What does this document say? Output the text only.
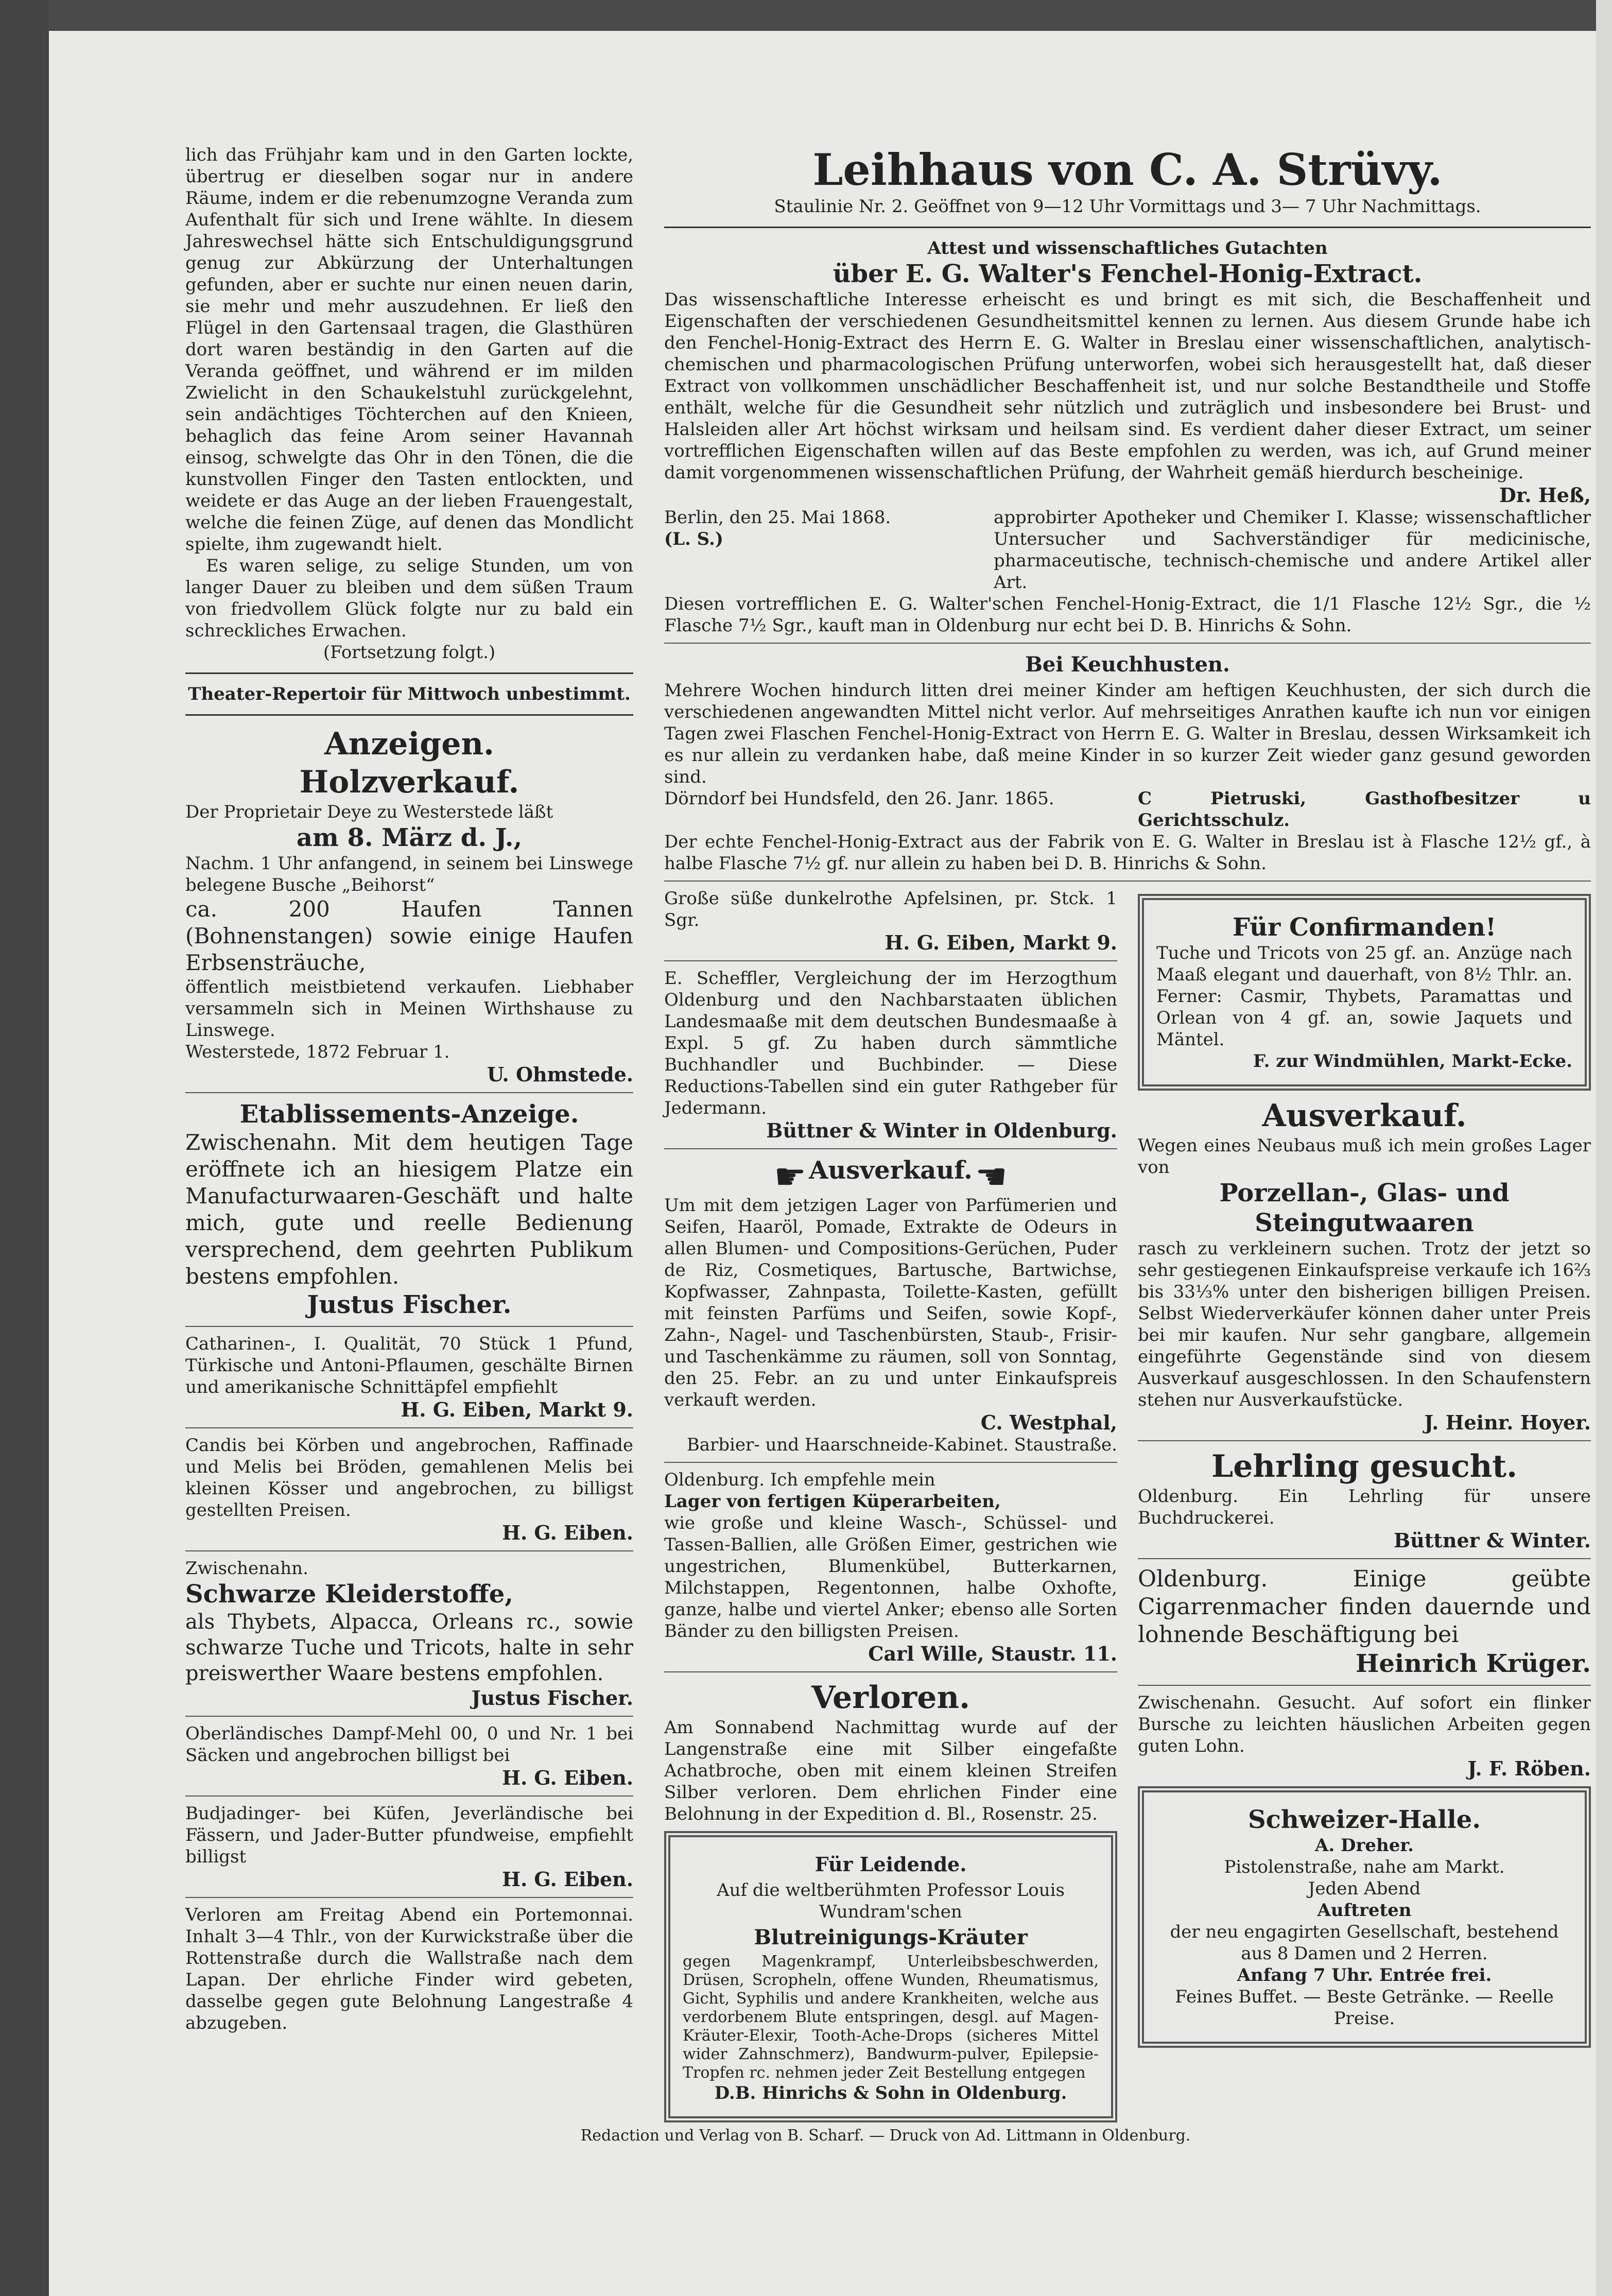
lich das Frühjahr kam und in den Garten lockte, übertrug er dieselben sogar nur in andere Räume, indem er die rebenumzogne Veranda zum Aufenthalt für sich und Irene wählte. In diesem Jahreswechsel hätte sich Entschuldigungsgrund genug zur Abkürzung der Unterhaltungen gefunden, aber er suchte nur einen neuen darin, sie mehr und mehr auszudehnen. Er ließ den Flügel in den Gartensaal tragen, die Glasthüren dort waren beständig in den Garten auf die Veranda geöffnet, und während er im milden Zwielicht in den Schaukelstuhl zurückgelehnt, sein andächtiges Töchterchen auf den Knieen, behaglich das feine Arom seiner Havannah einsog, schwelgte das Ohr in den Tönen, die die kunstvollen Finger den Tasten entlockten, und weidete er das Auge an der lieben Frauengestalt, welche die feinen Züge, auf denen das Mondlicht spielte, ihm zugewandt hielt.

Es waren selige, zu selige Stunden, um von langer Dauer zu bleiben und dem süßen Traum von friedvollem Glück folgte nur zu bald ein schreckliches Erwachen.

(Fortsetzung folgt.)

Theater-Repertoir für Mittwoch unbestimmt.

Anzeigen.

Holzverkauf.

Der Proprietair Deye zu Westerstede läßt

am 8. März d. J.,

Nachm. 1 Uhr anfangend, in seinem bei Linswege belegene Busche „Beihorst“

ca. 200 Haufen Tannen (Bohnenstangen) sowie einige Haufen Erbsensträuche,

öffentlich meistbietend verkaufen. Liebhaber versammeln sich in Meinen Wirthshause zu Linswege.

Westerstede, 1872 Februar 1.

U. Ohmstede.

Etablissements-Anzeige.

Zwischenahn. Mit dem heutigen Tage eröffnete ich an hiesigem Platze ein Manufacturwaaren-Geschäft und halte mich, gute und reelle Bedienung versprechend, dem geehrten Publikum bestens empfohlen.

Justus Fischer.

Catharinen-, I. Qualität, 70 Stück 1 Pfund, Türkische und Antoni-Pflaumen, geschälte Birnen und amerikanische Schnittäpfel empfiehlt

H. G. Eiben, Markt 9.

Candis bei Körben und angebrochen, Raffinade und Melis bei Bröden, gemahlenen Melis bei kleinen Kösser und angebrochen, zu billigst gestellten Preisen.

H. G. Eiben.

Zwischenahn.

Schwarze Kleiderstoffe,

als Thybets, Alpacca, Orleans rc., sowie schwarze Tuche und Tricots, halte in sehr preiswerther Waare bestens empfohlen.

Justus Fischer.

Oberländisches Dampf-Mehl 00, 0 und Nr. 1 bei Säcken und angebrochen billigst bei

H. G. Eiben.

Budjadinger- bei Küfen, Jeverländische bei Fässern, und Jader-Butter pfundweise, empfiehlt billigst

H. G. Eiben.

Verloren am Freitag Abend ein Portemonnai. Inhalt 3—4 Thlr., von der Kurwickstraße über die Rottenstraße durch die Wallstraße nach dem Lapan. Der ehrliche Finder wird gebeten, dasselbe gegen gute Belohnung Langestraße 4 abzugeben.

Leihhaus von C. A. Strüvy.

Staulinie Nr. 2. Geöffnet von 9—12 Uhr Vormittags und 3— 7 Uhr Nachmittags.

Attest und wissenschaftliches Gutachten

über E. G. Walter's Fenchel-Honig-Extract.

Das wissenschaftliche Interesse erheischt es und bringt es mit sich, die Beschaffenheit und Eigenschaften der verschiedenen Gesundheitsmittel kennen zu lernen. Aus diesem Grunde habe ich den Fenchel-Honig-Extract des Herrn E. G. Walter in Breslau einer wissenschaftlichen, analytisch-chemischen und pharmacologischen Prüfung unterworfen, wobei sich herausgestellt hat, daß dieser Extract von vollkommen unschädlicher Beschaffenheit ist, und nur solche Bestandtheile und Stoffe enthält, welche für die Gesundheit sehr nützlich und zuträglich und insbesondere bei Brust- und Halsleiden aller Art höchst wirksam und heilsam sind. Es verdient daher dieser Extract, um seiner vortrefflichen Eigenschaften willen auf das Beste empfohlen zu werden, was ich, auf Grund meiner damit vorgenommenen wissenschaftlichen Prüfung, der Wahrheit gemäß hierdurch bescheinige.

Dr. Heß,

Berlin, den 25. Mai 1868.

(L. S.)

approbirter Apotheker und Chemiker I. Klasse; wissenschaftlicher Untersucher und Sachverständiger für medicinische, pharmaceutische, technisch-chemische und andere Artikel aller Art.

Diesen vortrefflichen E. G. Walter'schen Fenchel-Honig-Extract, die 1/1 Flasche 12½ Sgr., die ½ Flasche 7½ Sgr., kauft man in Oldenburg nur echt bei D. B. Hinrichs & Sohn.

Bei Keuchhusten.

Mehrere Wochen hindurch litten drei meiner Kinder am heftigen Keuchhusten, der sich durch die verschiedenen angewandten Mittel nicht verlor. Auf mehrseitiges Anrathen kaufte ich nun vor einigen Tagen zwei Flaschen Fenchel-Honig-Extract von Herrn E. G. Walter in Breslau, dessen Wirksamkeit ich es nur allein zu verdanken habe, daß meine Kinder in so kurzer Zeit wieder ganz gesund geworden sind.

Dörndorf bei Hundsfeld, den 26. Janr. 1865.	C Pietruski, Gasthofbesitzer u Gerichtsschulz.

Der echte Fenchel-Honig-Extract aus der Fabrik von E. G. Walter in Breslau ist à Flasche 12½ gf., à halbe Flasche 7½ gf. nur allein zu haben bei D. B. Hinrichs & Sohn.

Große süße dunkelrothe Apfelsinen, pr. Stck. 1 Sgr.

H. G. Eiben, Markt 9.

E. Scheffler, Vergleichung der im Herzogthum Oldenburg und den Nachbarstaaten üblichen Landesmaaße mit dem deutschen Bundesmaaße à Expl. 5 gf. Zu haben durch sämmtliche Buchhandler und Buchbinder. — Diese Reductions-Tabellen sind ein guter Rathgeber für Jedermann.

Büttner & Winter in Oldenburg.

☛ Ausverkauf. ☚

Um mit dem jetzigen Lager von Parfümerien und Seifen, Haaröl, Pomade, Extrakte de Odeurs in allen Blumen- und Compositions-Gerüchen, Puder de Riz, Cosmetiques, Bartusche, Bartwichse, Kopfwasser, Zahnpasta, Toilette-Kasten, gefüllt mit feinsten Parfüms und Seifen, sowie Kopf-, Zahn-, Nagel- und Taschenbürsten, Staub-, Frisir- und Taschenkämme zu räumen, soll von Sonntag, den 25. Febr. an zu und unter Einkaufspreis verkauft werden.

C. Westphal,

Barbier- und Haarschneide-Kabinet. Staustraße.

Oldenburg. Ich empfehle mein

Lager von fertigen Küperarbeiten,

wie große und kleine Wasch-, Schüssel- und Tassen-Ballien, alle Größen Eimer, gestrichen wie ungestrichen, Blumenkübel, Butterkarnen, Milchstappen, Regentonnen, halbe Oxhofte, ganze, halbe und viertel Anker; ebenso alle Sorten Bänder zu den billigsten Preisen.

Carl Wille, Staustr. 11.

Verloren.

Am Sonnabend Nachmittag wurde auf der Langenstraße eine mit Silber eingefaßte Achatbroche, oben mit einem kleinen Streifen Silber verloren. Dem ehrlichen Finder eine Belohnung in der Expedition d. Bl., Rosenstr. 25.

Für Leidende.

Auf die weltberühmten Professor Louis Wundram'schen

Blutreinigungs-Kräuter

gegen Magenkrampf, Unterleibsbeschwerden, Drüsen, Scropheln, offene Wunden, Rheumatismus, Gicht, Syphilis und andere Krankheiten, welche aus verdorbenem Blute entspringen, desgl. auf Magen-Kräuter-Elexir, Tooth-Ache-Drops (sicheres Mittel wider Zahnschmerz), Bandwurm-pulver, Epilepsie-Tropfen rc. nehmen jeder Zeit Bestellung entgegen

D.B. Hinrichs & Sohn in Oldenburg.

Für Confirmanden!

Tuche und Tricots von 25 gf. an. Anzüge nach Maaß elegant und dauerhaft, von 8½ Thlr. an. Ferner: Casmir, Thybets, Paramattas und Orlean von 4 gf. an, sowie Jaquets und Mäntel.

F. zur Windmühlen, Markt-Ecke.

Ausverkauf.

Wegen eines Neubaus muß ich mein großes Lager von

Porzellan-, Glas- und Steingutwaaren

rasch zu verkleinern suchen. Trotz der jetzt so sehr gestiegenen Einkaufspreise verkaufe ich 16⅔ bis 33⅓% unter den bisherigen billigen Preisen. Selbst Wiederverkäufer können daher unter Preis bei mir kaufen. Nur sehr gangbare, allgemein eingeführte Gegenstände sind von diesem Ausverkauf ausgeschlossen. In den Schaufenstern stehen nur Ausverkaufstücke.

J. Heinr. Hoyer.

Lehrling gesucht.

Oldenburg. Ein Lehrling für unsere Buchdruckerei.

Büttner & Winter.

Oldenburg. Einige geübte Cigarrenmacher finden dauernde und lohnende Beschäftigung bei

Heinrich Krüger.

Zwischenahn. Gesucht. Auf sofort ein flinker Bursche zu leichten häuslichen Arbeiten gegen guten Lohn.

J. F. Röben.

Schweizer-Halle.

A. Dreher.

Pistolenstraße, nahe am Markt.

Jeden Abend

Auftreten

der neu engagirten Gesellschaft, bestehend aus 8 Damen und 2 Herren.

Anfang 7 Uhr. Entrée frei.

Feines Buffet. — Beste Getränke. — Reelle Preise.

Redaction und Verlag von B. Scharf. — Druck von Ad. Littmann in Oldenburg.
